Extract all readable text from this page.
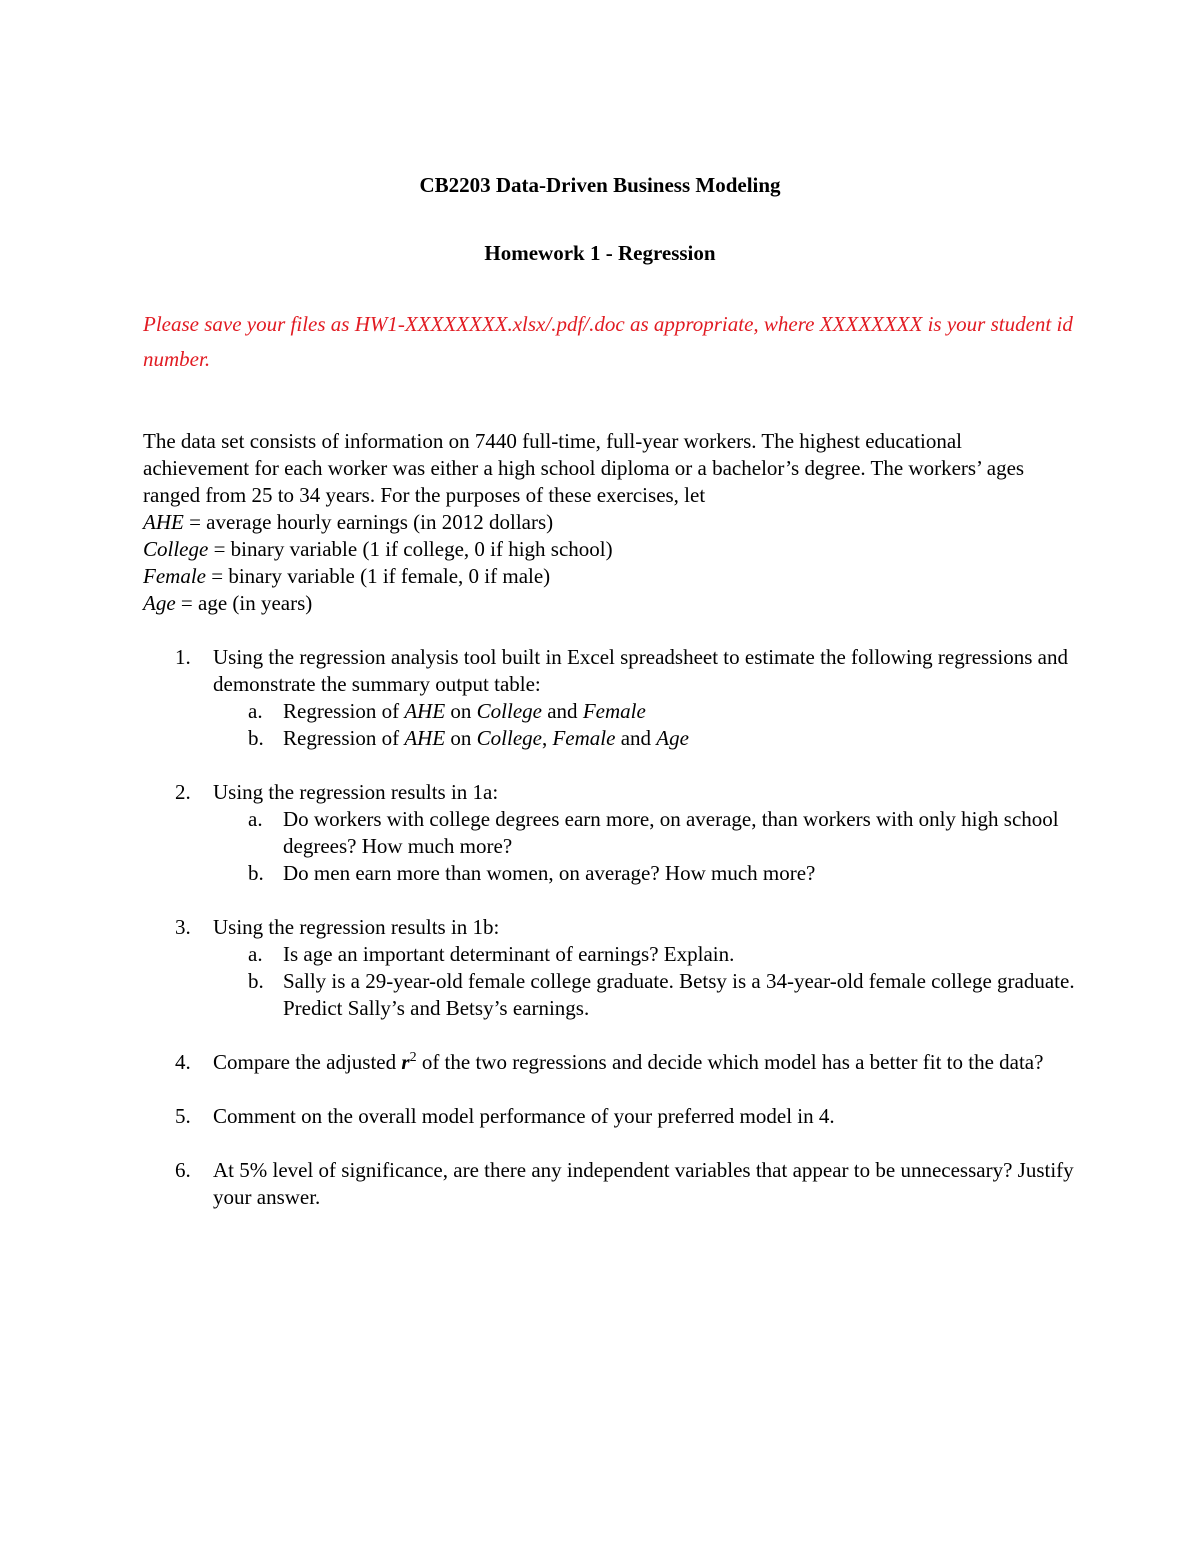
CB2203 Data-Driven Business Modeling
Homework 1 - Regression
Please save your files as HW1-XXXXXXXX.xlsx/.pdf/.doc as appropriate, where XXXXXXXX is your student id number.

The data set consists of information on 7440 full-time, full-year workers. The highest educational achievement for each worker was either a high school diploma or a bachelor’s degree. The workers’ ages ranged from 25 to 34 years. For the purposes of these exercises, let

AHE = average hourly earnings (in 2012 dollars)

College = binary variable (1 if college, 0 if high school)

Female = binary variable (1 if female, 0 if male)

Age = age (in years)

1.	Using the regression analysis tool built in Excel spreadsheet to estimate the following regressions and demonstrate the summary output table:
a. Regression of AHE on College and Female
b. Regression of AHE on College, Female and Age
2.	Using the regression results in 1a:
a. Do workers with college degrees earn more, on average, than workers with only high school degrees? How much more?
b. Do men earn more than women, on average? How much more?
3.	Using the regression results in 1b:
a. Is age an important determinant of earnings? Explain.
b. Sally is a 29-year-old female college graduate. Betsy is a 34-year-old female college graduate. Predict Sally’s and Betsy’s earnings.
4.	Compare the adjusted $r^2$ of the two regressions and decide which model has a better fit to the data?
5.	Comment on the overall model performance of your preferred model in 4.
6.	At 5% level of significance, are there any independent variables that appear to be unnecessary? Justify your answer.
